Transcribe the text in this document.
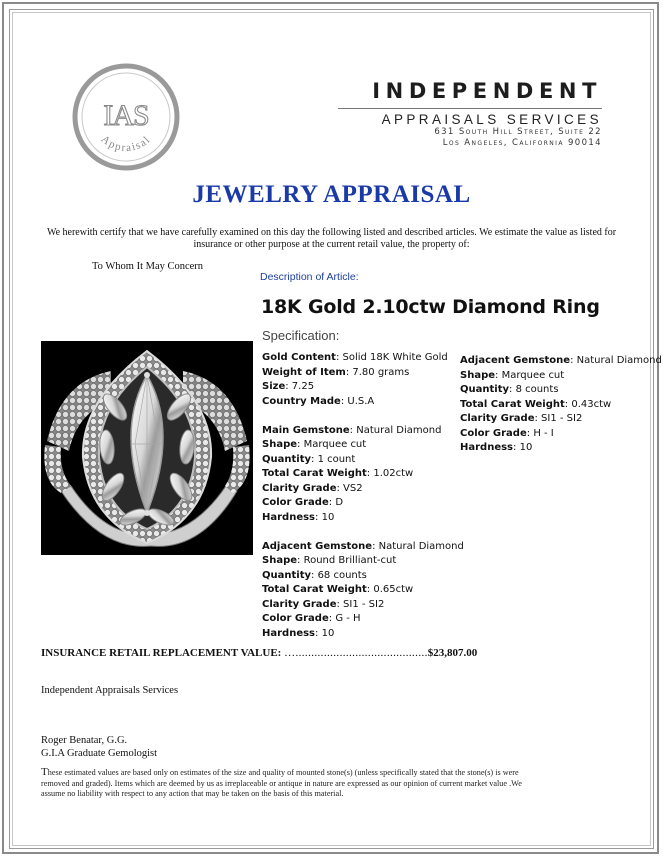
IAS
Appraisal
INDEPENDENT
APPRAISALS SERVICES
631 South Hill Street, Suite 22
Los Angeles, California 90014
JEWELRY APPRAISAL
We herewith certify that we have carefully examined on this day the following listed and described articles. We estimate the value as listed for insurance or other purpose at the current retail value, the property of:
To Whom It May Concern
Description of Article:
18K Gold 2.10ctw Diamond Ring
Specification:
Gold Content: Solid 18K White Gold
Weight of Item: 7.80 grams
Size: 7.25
Country Made: U.S.A
Main Gemstone: Natural Diamond
Shape: Marquee cut
Quantity: 1 count
Total Carat Weight: 1.02ctw
Clarity Grade: VS2
Color Grade: D
Hardness: 10
Adjacent Gemstone: Natural Diamond
Shape: Round Brilliant-cut
Quantity: 68 counts
Total Carat Weight: 0.65ctw
Clarity Grade: SI1 - SI2
Color Grade: G - H
Hardness: 10
Adjacent Gemstone: Natural Diamond
Shape: Marquee cut
Quantity: 8 counts
Total Carat Weight: 0.43ctw
Clarity Grade: SI1 - SI2
Color Grade: H - I
Hardness: 10
INSURANCE RETAIL REPLACEMENT VALUE: …..........................................$23,807.00
Independent Appraisals Services
Roger Benatar, G.G.
G.I.A Graduate Gemologist
These estimated values are based only on estimates of the size and quality of mounted stone(s) (unless specifically stated that the stone(s) is were removed and graded). Items which are deemed by us as irreplaceable or antique in nature are expressed as our opinion of current market value .We assume no liability with respect to any action that may be taken on the basis of this material.
